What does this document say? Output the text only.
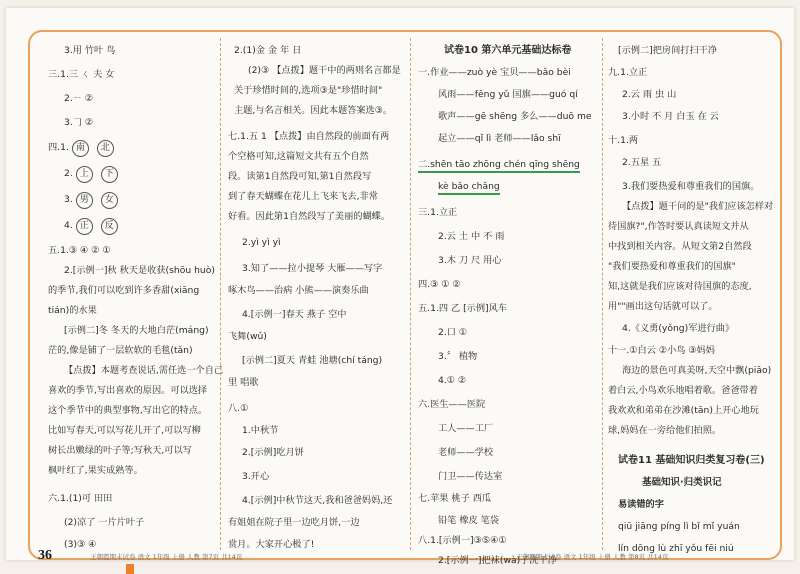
3.用 竹叶 鸟
三.1.三 ㄑ 夫 女
2.ㄧ ②
3.𠃌 ②
四.1. 南 北
2. 上 下
3. 男 女
4. 正 反
五.1.③ ④ ② ①
2.[示例一]秋 秋天是收获(shōu huò)
的季节,我们可以吃到许多香甜(xiāng
tián)的水果
[示例二]冬 冬天的大地白茫(máng)
茫的,像是铺了一层软软的毛毯(tǎn)
【点拨】本题考查说话,需任选一个自己
喜欢的季节,写出喜欢的原因。可以选择
这个季节中的典型事物,写出它的特点。
比如写春天,可以写花儿开了,可以写柳
树长出嫩绿的叶子等;写秋天,可以写
枫叶红了,果实成熟等。
六.1.(1)可 田田
(2)凉了 一片片叶子
(3)③ ④
2.(1)金 金 年 日
(2)③ 【点拨】题干中的两则名言都是
关于珍惜时间的,选项③是"珍惜时间"
主题,与名言相关。因此本题答案选③。
七.1.五 1 【点拨】由自然段的前面有两
个空格可知,这篇短文共有五个自然
段。读第1自然段可知,第1自然段写
到了春天蝴蝶在花儿上飞来飞去,非常
好看。因此第1自然段写了美丽的蝴蝶。
2.yì yì yì
3.知了——拉小提琴 大雁——写字
啄木鸟——治病 小熊——演奏乐曲
4.[示例一]春天 燕子 空中
飞舞(wǔ)
[示例二]夏天 青蛙 池塘(chí táng)
里 唱歌
八.①
1.中秋节
2.[示例]吃月饼
3.开心
4.[示例]中秋节这天,我和爸爸妈妈,还
有姐姐在院子里一边吃月饼,一边
赏月。大家开心极了!
试卷10 第六单元基础达标卷
一.作业——zuò yè 宝贝——bǎo bèi
风雨——fēng yǔ 国旗——guó qí
歌声——gē shēng 多么——duō me
起立——qǐ lì 老师——lǎo shī
二.shēn tāo zhōng chén qīng shēng
kè bǎo chǎng
三.1.立正
2.云 土 中 不 雨
3.木 刀 尺 用心
四.③ ① ②
五.1.四 乙 [示例]风车
2.口 ①
3.〞 植物
4.① ②
六.医生——医院
工人——工厂
老师——学校
门卫——传达室
七.苹果 桃子 西瓜
铅笔 橡皮 笔袋
八.1.[示例一]③⑤④①
2.[示例一]把袜(wà)子洗干净
[示例二]把房间打扫干净
九.1.立正
2.云 雨 虫 山
3.小时 不 月 白玉 在 云
十.1.两
2.五星 五
3.我们要热爱和尊重我们的国旗。
【点拨】题干问的是"我们应该怎样对
待国旗?",作答时要认真读短文并从
中找到相关内容。从短文第2自然段
"我们要热爱和尊重我们的国旗"
知,这就是我们应该对待国旗的态度,
用""画出这句话就可以了。
4.《义勇(yǒng)军进行曲》
十一.①白云 ②小鸟 ③妈妈
海边的景色可真美呀,天空中飘(piāo)
着白云,小鸟欢乐地唱着歌。爸爸带着
我欢欢和弟弟在沙滩(tān)上开心地玩
球,妈妈在一旁给他们拍照。
试卷11 基础知识归类复习卷(三)
基础知识·归类识记
易读错的字
qiū jiāng píng lì bǐ mǐ yuán
lín dōng lù zhī yǒu fēi niú
36	王朝霞期末试卷 语文 1年级 上册 人教 第7页 共14页	王朝霞期末试卷 语文 1年级 上册 人教 第8页 共14页
